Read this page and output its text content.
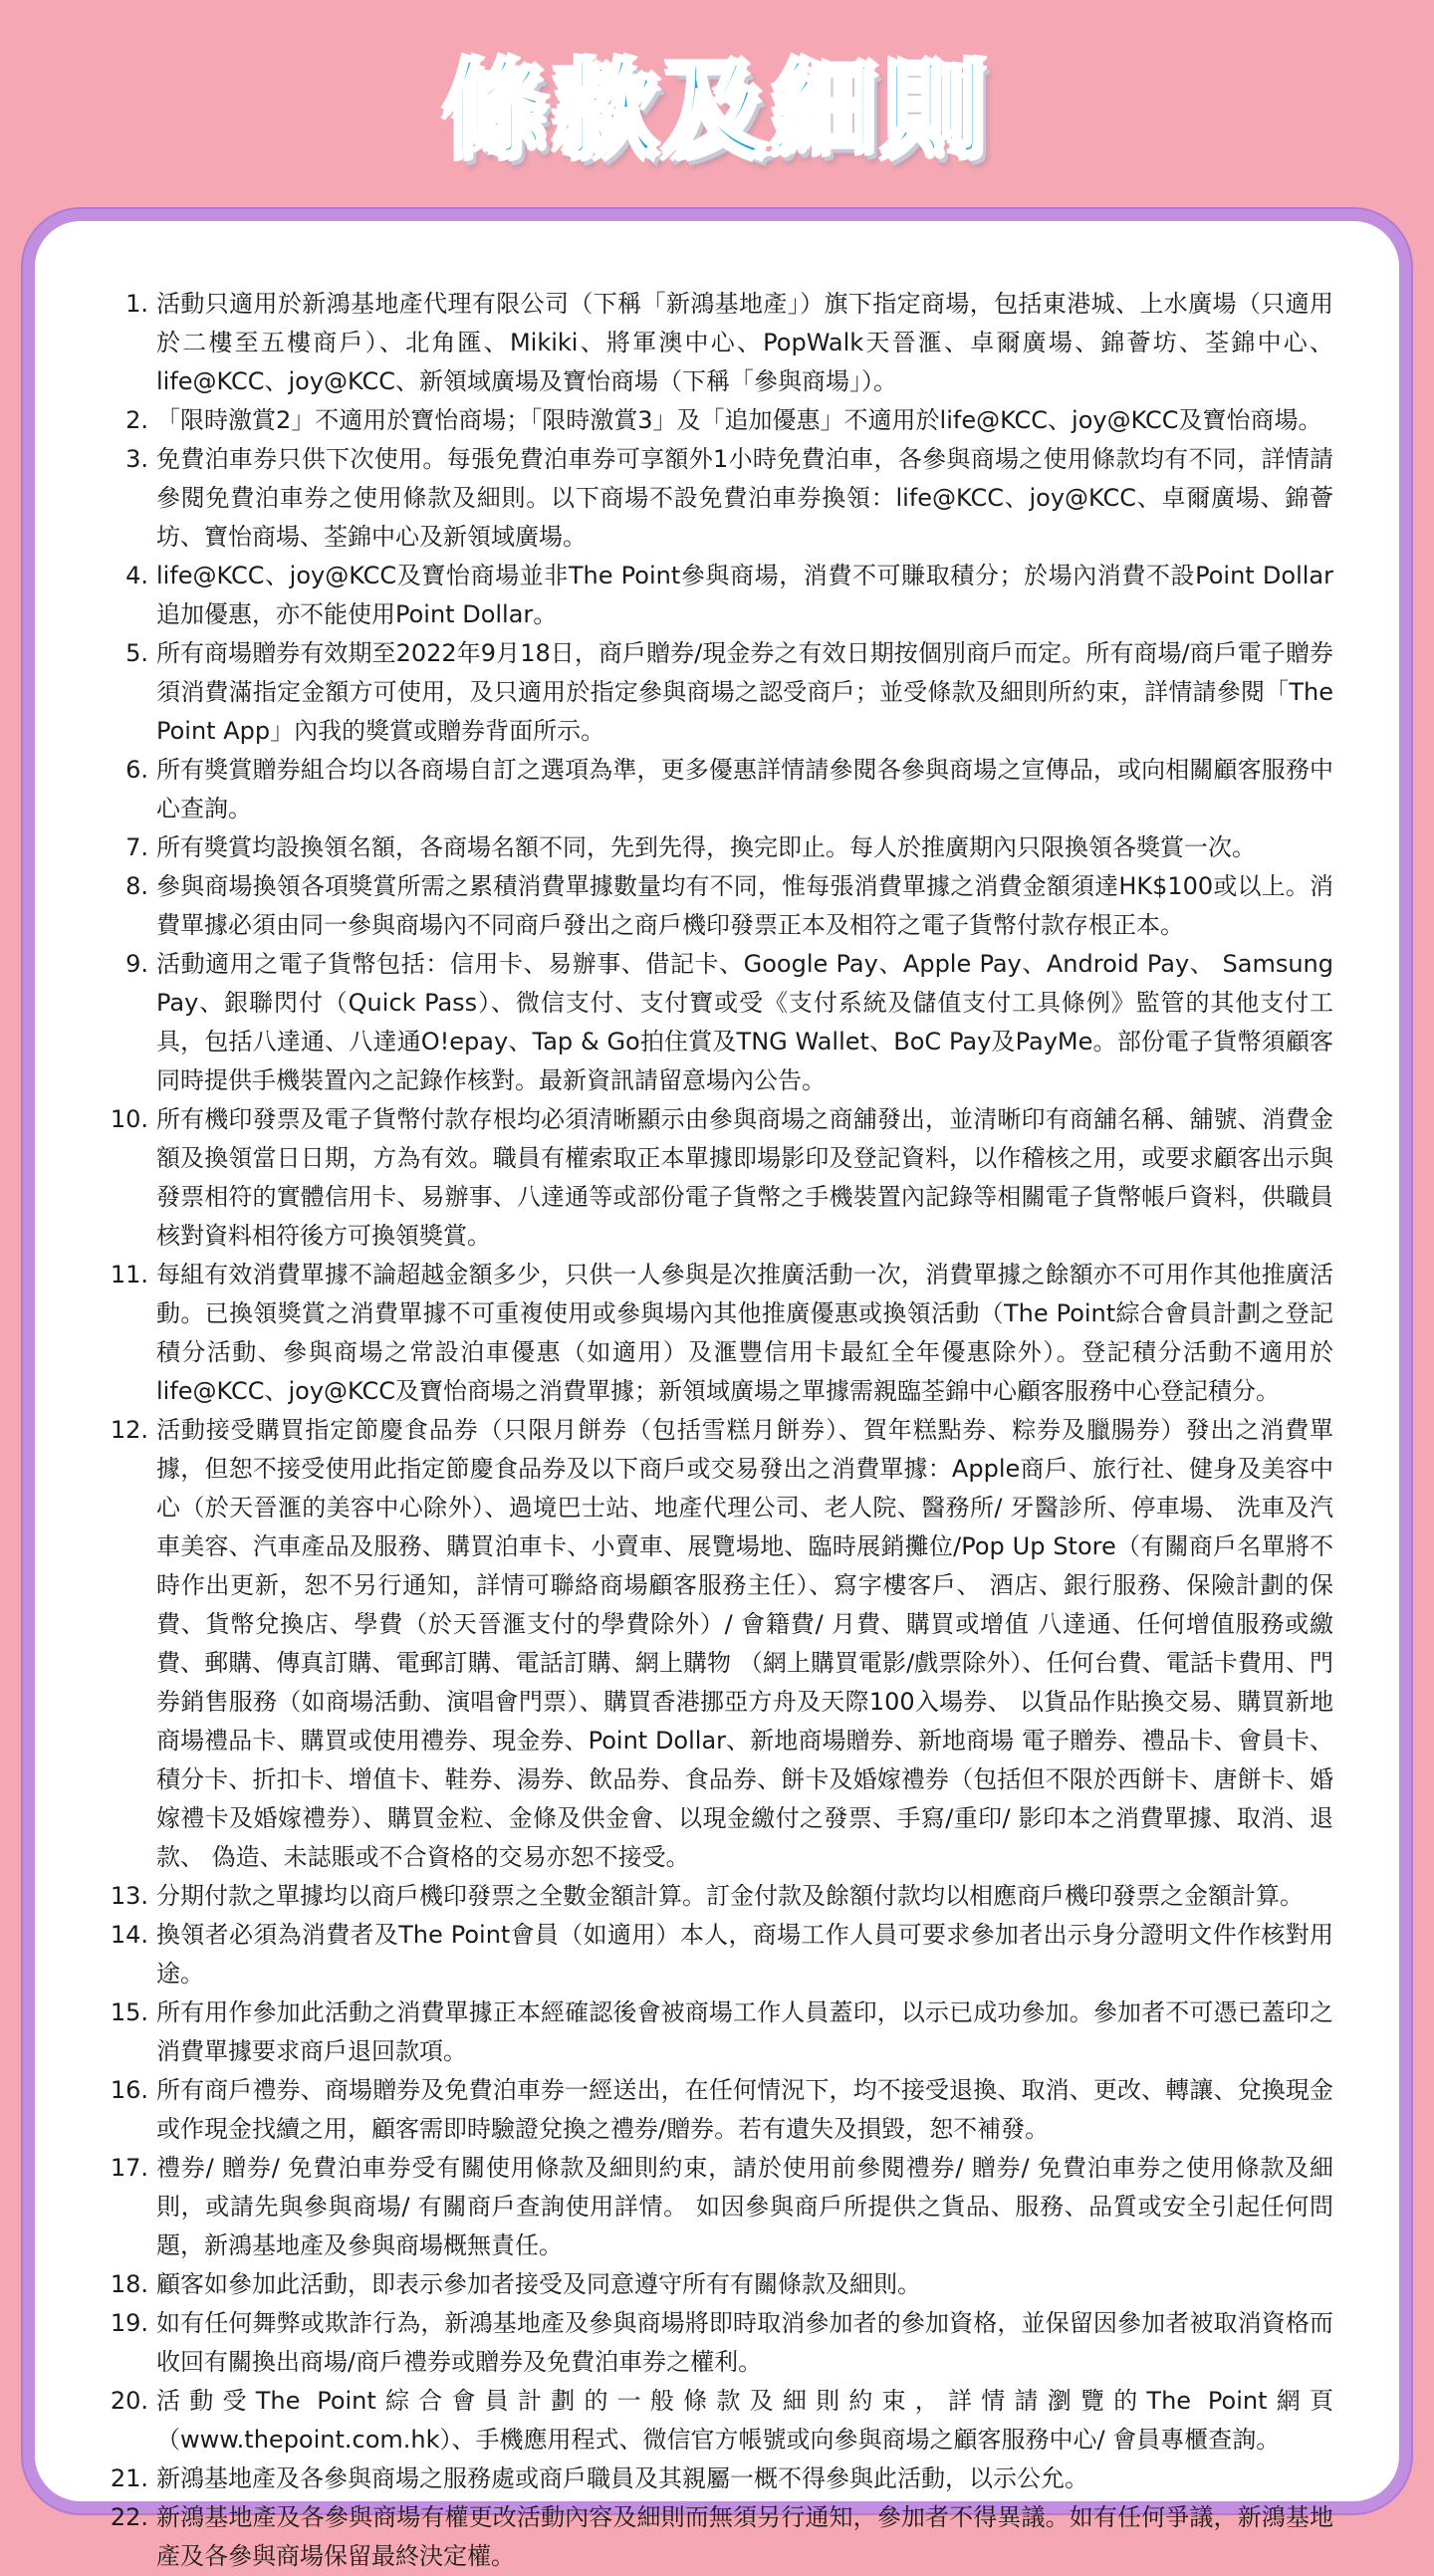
條款及細則
1. 活動只適用於新鴻基地產代理有限公司（下稱「新鴻基地產」）旗下指定商場，包括東港城、上水廣場（只適用於二樓至五樓商戶）、北角匯、Mikiki、將軍澳中心、PopWalk天晉滙、卓爾廣場、錦薈坊、荃錦中心、life@KCC、joy@KCC、新領域廣場及寶怡商場（下稱「參與商場」）。
2. 「限時激賞2」不適用於寶怡商場；「限時激賞3」及「追加優惠」不適用於life@KCC、joy@KCC及寶怡商場。
3. 免費泊車券只供下次使用。每張免費泊車券可享額外1小時免費泊車，各參與商場之使用條款均有不同，詳情請參閱免費泊車券之使用條款及細則。以下商場不設免費泊車券換領：life@KCC、joy@KCC、卓爾廣場、錦薈坊、寶怡商場、荃錦中心及新領域廣場。
4. life@KCC、joy@KCC及寶怡商場並非The Point參與商場，消費不可賺取積分；於場內消費不設Point Dollar追加優惠，亦不能使用Point Dollar。
5. 所有商場贈券有效期至2022年9月18日，商戶贈券/現金券之有效日期按個別商戶而定。所有商場/商戶電子贈券須消費滿指定金額方可使用，及只適用於指定參與商場之認受商戶；並受條款及細則所約束，詳情請參閱「The Point App」內我的獎賞或贈券背面所示。
6. 所有獎賞贈券組合均以各商場自訂之選項為準，更多優惠詳情請參閱各參與商場之宣傳品，或向相關顧客服務中心查詢。
7. 所有獎賞均設換領名額，各商場名額不同，先到先得，換完即止。每人於推廣期內只限換領各獎賞一次。
8. 參與商場換領各項獎賞所需之累積消費單據數量均有不同，惟每張消費單據之消費金額須達HK$100或以上。消費單據必須由同一參與商場內不同商戶發出之商戶機印發票正本及相符之電子貨幣付款存根正本。
9. 活動適用之電子貨幣包括：信用卡、易辦事、借記卡、Google Pay、Apple Pay、Android Pay、 Samsung Pay、銀聯閃付（Quick Pass）、微信支付、支付寶或受《支付系統及儲值支付工具條例》監管的其他支付工具，包括八達通、八達通O!epay、Tap & Go拍住賞及TNG Wallet、BoC Pay及PayMe。部份電子貨幣須顧客同時提供手機裝置內之記錄作核對。最新資訊請留意場內公告。
10. 所有機印發票及電子貨幣付款存根均必須清晰顯示由參與商場之商舖發出，並清晰印有商舖名稱、舖號、消費金額及換領當日日期，方為有效。職員有權索取正本單據即場影印及登記資料，以作稽核之用，或要求顧客出示與發票相符的實體信用卡、易辦事、八達通等或部份電子貨幣之手機裝置內記錄等相關電子貨幣帳戶資料，供職員核對資料相符後方可換領獎賞。
11. 每組有效消費單據不論超越金額多少，只供一人參與是次推廣活動一次，消費單據之餘額亦不可用作其他推廣活動。已換領獎賞之消費單據不可重複使用或參與場內其他推廣優惠或換領活動（The Point綜合會員計劃之登記積分活動、參與商場之常設泊車優惠（如適用）及滙豐信用卡最紅全年優惠除外）。登記積分活動不適用於 life@KCC、joy@KCC及寶怡商場之消費單據；新領域廣場之單據需親臨荃錦中心顧客服務中心登記積分。
12. 活動接受購買指定節慶食品券（只限月餅券（包括雪糕月餅券）、賀年糕點券、粽券及臘腸券）發出之消費單據，但恕不接受使用此指定節慶食品券及以下商戶或交易發出之消費單據：Apple商戶、旅行社、健身及美容中心（於天晉滙的美容中心除外）、過境巴士站、地產代理公司、老人院、醫務所/ 牙醫診所、停車場、 洗車及汽車美容、汽車產品及服務、購買泊車卡、小賣車、展覽場地、臨時展銷攤位/Pop Up Store（有關商戶名單將不時作出更新，恕不另行通知，詳情可聯絡商場顧客服務主任）、寫字樓客戶、 酒店、銀行服務、保險計劃的保費、貨幣兌換店、學費（於天晉滙支付的學費除外）/ 會籍費/ 月費、購買或增值 八達通、任何增值服務或繳費、郵購、傳真訂購、電郵訂購、電話訂購、網上購物 （網上購買電影/戲票除外）、任何台費、電話卡費用、門券銷售服務（如商場活動、演唱會門票）、購買香港挪亞方舟及天際100入場券、 以貨品作貼換交易、購買新地商場禮品卡、購買或使用禮券、現金券、Point Dollar、新地商場贈券、新地商場 電子贈券、禮品卡、會員卡、積分卡、折扣卡、增值卡、鞋券、湯券、飲品券、食品券、餅卡及婚嫁禮券（包括但不限於西餅卡、唐餅卡、婚嫁禮卡及婚嫁禮券）、購買金粒、金條及供金會、以現金繳付之發票、手寫/重印/ 影印本之消費單據、取消、退款、 偽造、未誌賬或不合資格的交易亦恕不接受。
13. 分期付款之單據均以商戶機印發票之全數金額計算。訂金付款及餘額付款均以相應商戶機印發票之金額計算。
14. 換領者必須為消費者及The Point會員（如適用）本人，商場工作人員可要求參加者出示身分證明文件作核對用途。
15. 所有用作參加此活動之消費單據正本經確認後會被商場工作人員蓋印，以示已成功參加。參加者不可憑已蓋印之消費單據要求商戶退回款項。
16. 所有商戶禮券、商場贈券及免費泊車券一經送出，在任何情況下，均不接受退換、取消、更改、轉讓、兌換現金或作現金找續之用，顧客需即時驗證兌換之禮券/贈券。若有遺失及損毀，恕不補發。
17. 禮券/ 贈券/ 免費泊車券受有關使用條款及細則約束，請於使用前參閱禮券/ 贈券/ 免費泊車券之使用條款及細則，或請先與參與商場/ 有關商戶查詢使用詳情。 如因參與商戶所提供之貨品、服務、品質或安全引起任何問題，新鴻基地產及參與商場概無責任。
18. 顧客如參加此活動，即表示參加者接受及同意遵守所有有關條款及細則。
19. 如有任何舞弊或欺詐行為，新鴻基地產及參與商場將即時取消參加者的參加資格，並保留因參加者被取消資格而收回有關換出商場/商戶禮券或贈券及免費泊車券之權利。
20. 活動受The Point綜合會員計劃的一般條款及細則約束，詳情請瀏覽的The Point網頁（www.thepoint.com.hk）、手機應用程式、微信官方帳號或向參與商場之顧客服務中心/ 會員專櫃查詢。
21. 新鴻基地產及各參與商場之服務處或商戶職員及其親屬一概不得參與此活動，以示公允。
22. 新鴻基地產及各參與商場有權更改活動內容及細則而無須另行通知，參加者不得異議。如有任何爭議，新鴻基地產及各參與商場保留最終決定權。
